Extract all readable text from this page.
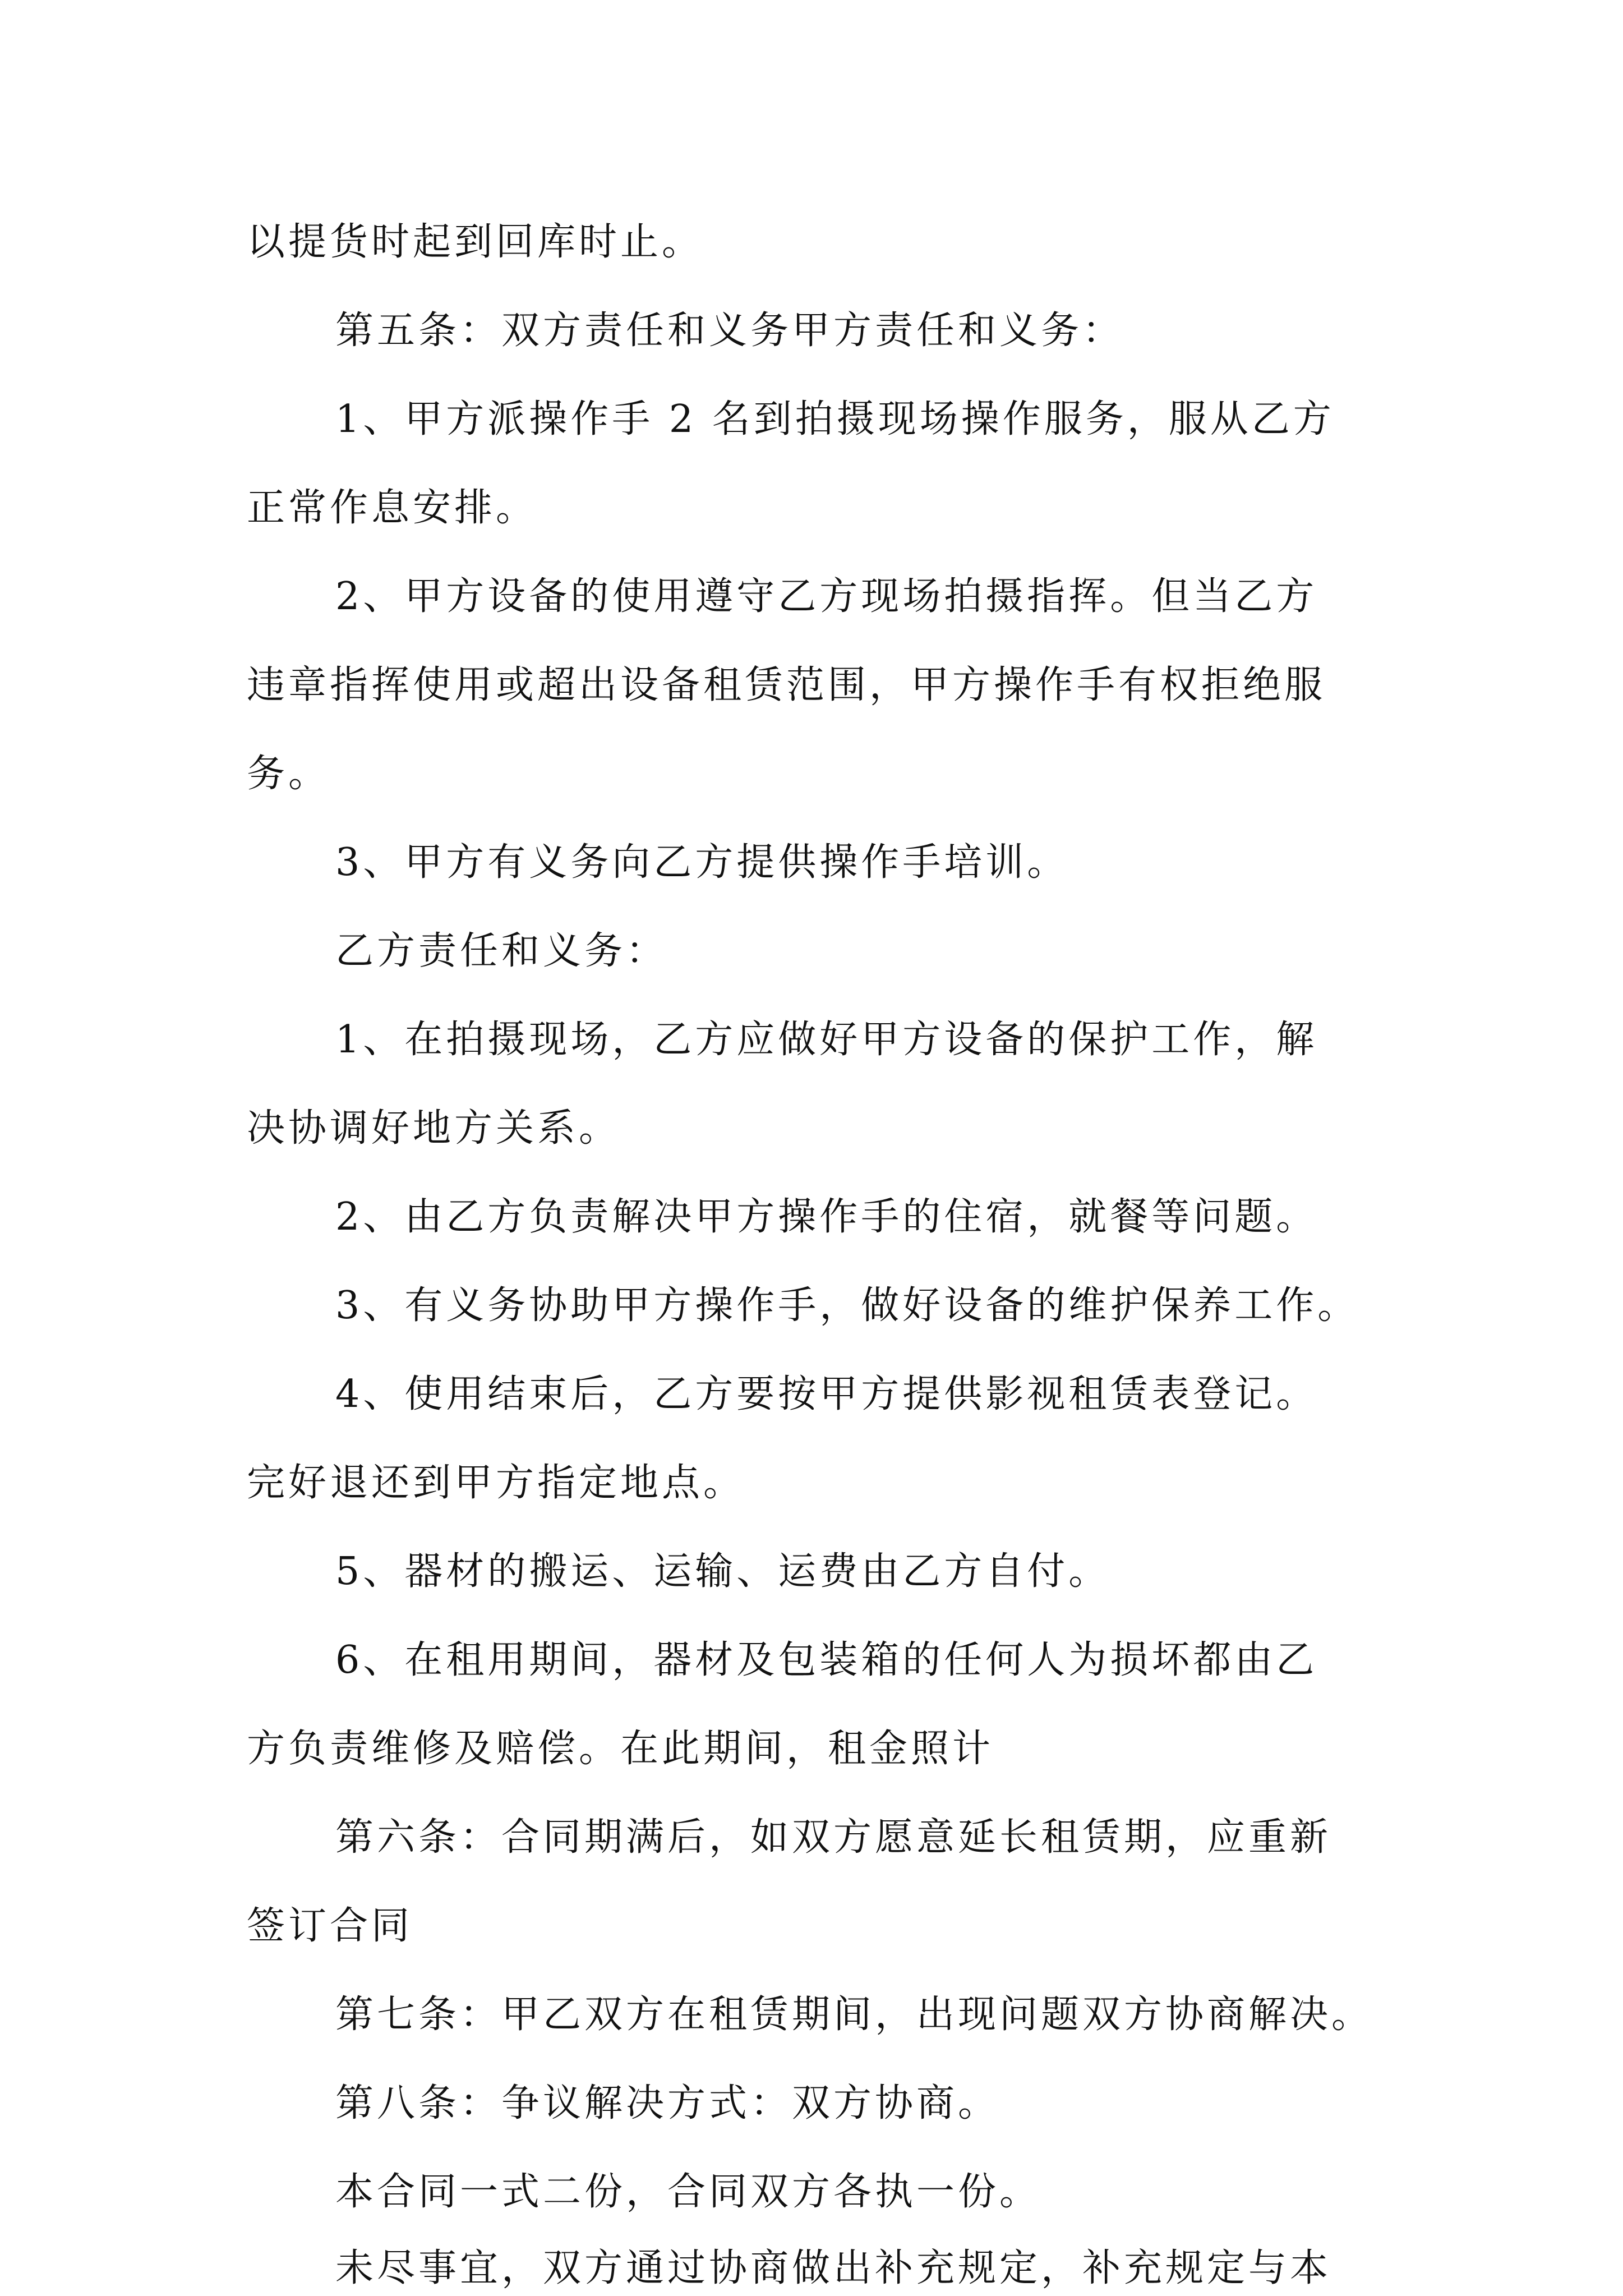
以提货时起到回库时止。
第五条：双方责任和义务甲方责任和义务：
1、甲方派操作手 2 名到拍摄现场操作服务，服从乙方
正常作息安排。
2、甲方设备的使用遵守乙方现场拍摄指挥。但当乙方
违章指挥使用或超出设备租赁范围，甲方操作手有权拒绝服
务。
3、甲方有义务向乙方提供操作手培训。
乙方责任和义务：
1、在拍摄现场，乙方应做好甲方设备的保护工作，解
决协调好地方关系。
2、由乙方负责解决甲方操作手的住宿，就餐等问题。
3、有义务协助甲方操作手，做好设备的维护保养工作。
4、使用结束后，乙方要按甲方提供影视租赁表登记。
完好退还到甲方指定地点。
5、器材的搬运、运输、运费由乙方自付。
6、在租用期间，器材及包装箱的任何人为损坏都由乙
方负责维修及赔偿。在此期间，租金照计
第六条：合同期满后，如双方愿意延长租赁期，应重新
签订合同
第七条：甲乙双方在租赁期间，出现问题双方协商解决。
第八条：争议解决方式：双方协商。
本合同一式二份，合同双方各执一份。
未尽事宜，双方通过协商做出补充规定，补充规定与本
